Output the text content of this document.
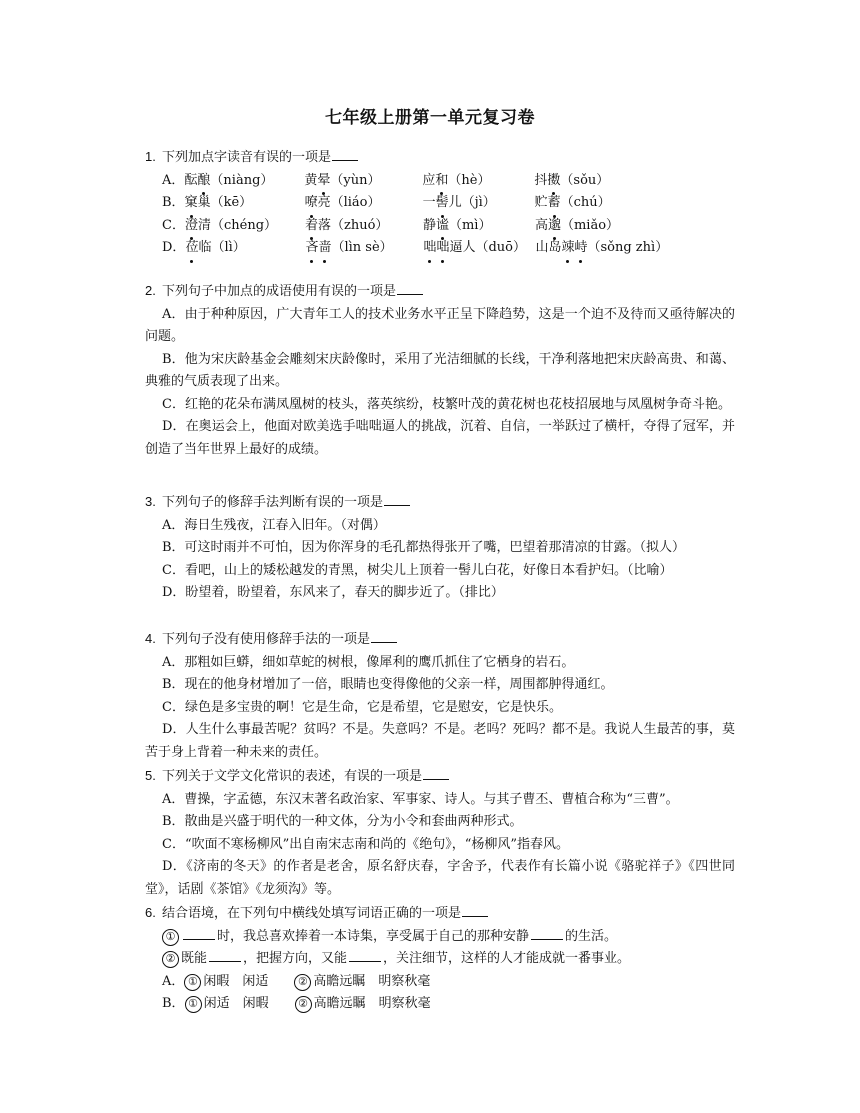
七年级上册第一单元复习卷
1. 下列加点字读音有误的一项是
A．酝酿（niàng） 黄晕（yùn）	应和（hè）	抖擞（sǒu）
B．窠巢（kē）	嘹亮（liáo）	一髻儿（jì）	贮蓄（chú）
C．澄清（chéng） 着落（zhuó）	静谧（mì）	高邈（miǎo）
D．莅临（lì）	吝啬（lìn sè） 咄咄逼人（duō） 山岛竦峙（sǒng zhì）
2. 下列句子中加点的成语使用有误的一项是
A．由于种种原因，广大青年工人的技术业务水平正呈下降趋势，这是一个迫不及待而又亟待解决的问题。
B．他为宋庆龄基金会雕刻宋庆龄像时，采用了光洁细腻的长线，干净利落地把宋庆龄高贵、和蔼、典雅的气质表现了出来。
C．红艳的花朵布满凤凰树的枝头，落英缤纷，枝繁叶茂的黄花树也花枝招展地与凤凰树争奇斗艳。
D．在奥运会上，他面对欧美选手咄咄逼人的挑战，沉着、自信，一举跃过了横杆，夺得了冠军，并创造了当年世界上最好的成绩。
3. 下列句子的修辞手法判断有误的一项是
A．海日生残夜，江春入旧年。（对偶）
B．可这时雨并不可怕，因为你浑身的毛孔都热得张开了嘴，巴望着那清凉的甘露。（拟人）
C．看吧，山上的矮松越发的青黑，树尖儿上顶着一髻儿白花，好像日本看护妇。（比喻）
D．盼望着，盼望着，东风来了，春天的脚步近了。（排比）
4. 下列句子没有使用修辞手法的一项是
A．那粗如巨蟒，细如草蛇的树根，像犀利的鹰爪抓住了它栖身的岩石。
B．现在的他身材增加了一倍，眼睛也变得像他的父亲一样，周围都肿得通红。
C．绿色是多宝贵的啊！它是生命，它是希望，它是慰安，它是快乐。
D．人生什么事最苦呢？贫吗？不是。失意吗？不是。老吗？死吗？都不是。我说人生最苦的事，莫苦于身上背着一种未来的责任。
5. 下列关于文学文化常识的表述，有误的一项是
A．曹操，字孟德，东汉末著名政治家、军事家、诗人。与其子曹丕、曹植合称为“三曹”。
B．散曲是兴盛于明代的一种文体，分为小令和套曲两种形式。
C．“吹面不寒杨柳风”出自南宋志南和尚的《绝句》，“杨柳风”指春风。
D．《济南的冬天》的作者是老舍，原名舒庆春，字舍予，代表作有长篇小说《骆驼祥子》《四世同堂》，话剧《茶馆》《龙须沟》等。
6. 结合语境，在下列句中横线处填写词语正确的一项是
①	时，我总喜欢捧着一本诗集，享受属于自己的那种安静	的生活。
② 既能	，把握方向，又能	，关注细节，这样的人才能成就一番事业。
A． ① 闲暇　闲适　　	② 高瞻远瞩　明察秋毫
B． ① 闲适　闲暇　　	② 高瞻远瞩　明察秋毫
